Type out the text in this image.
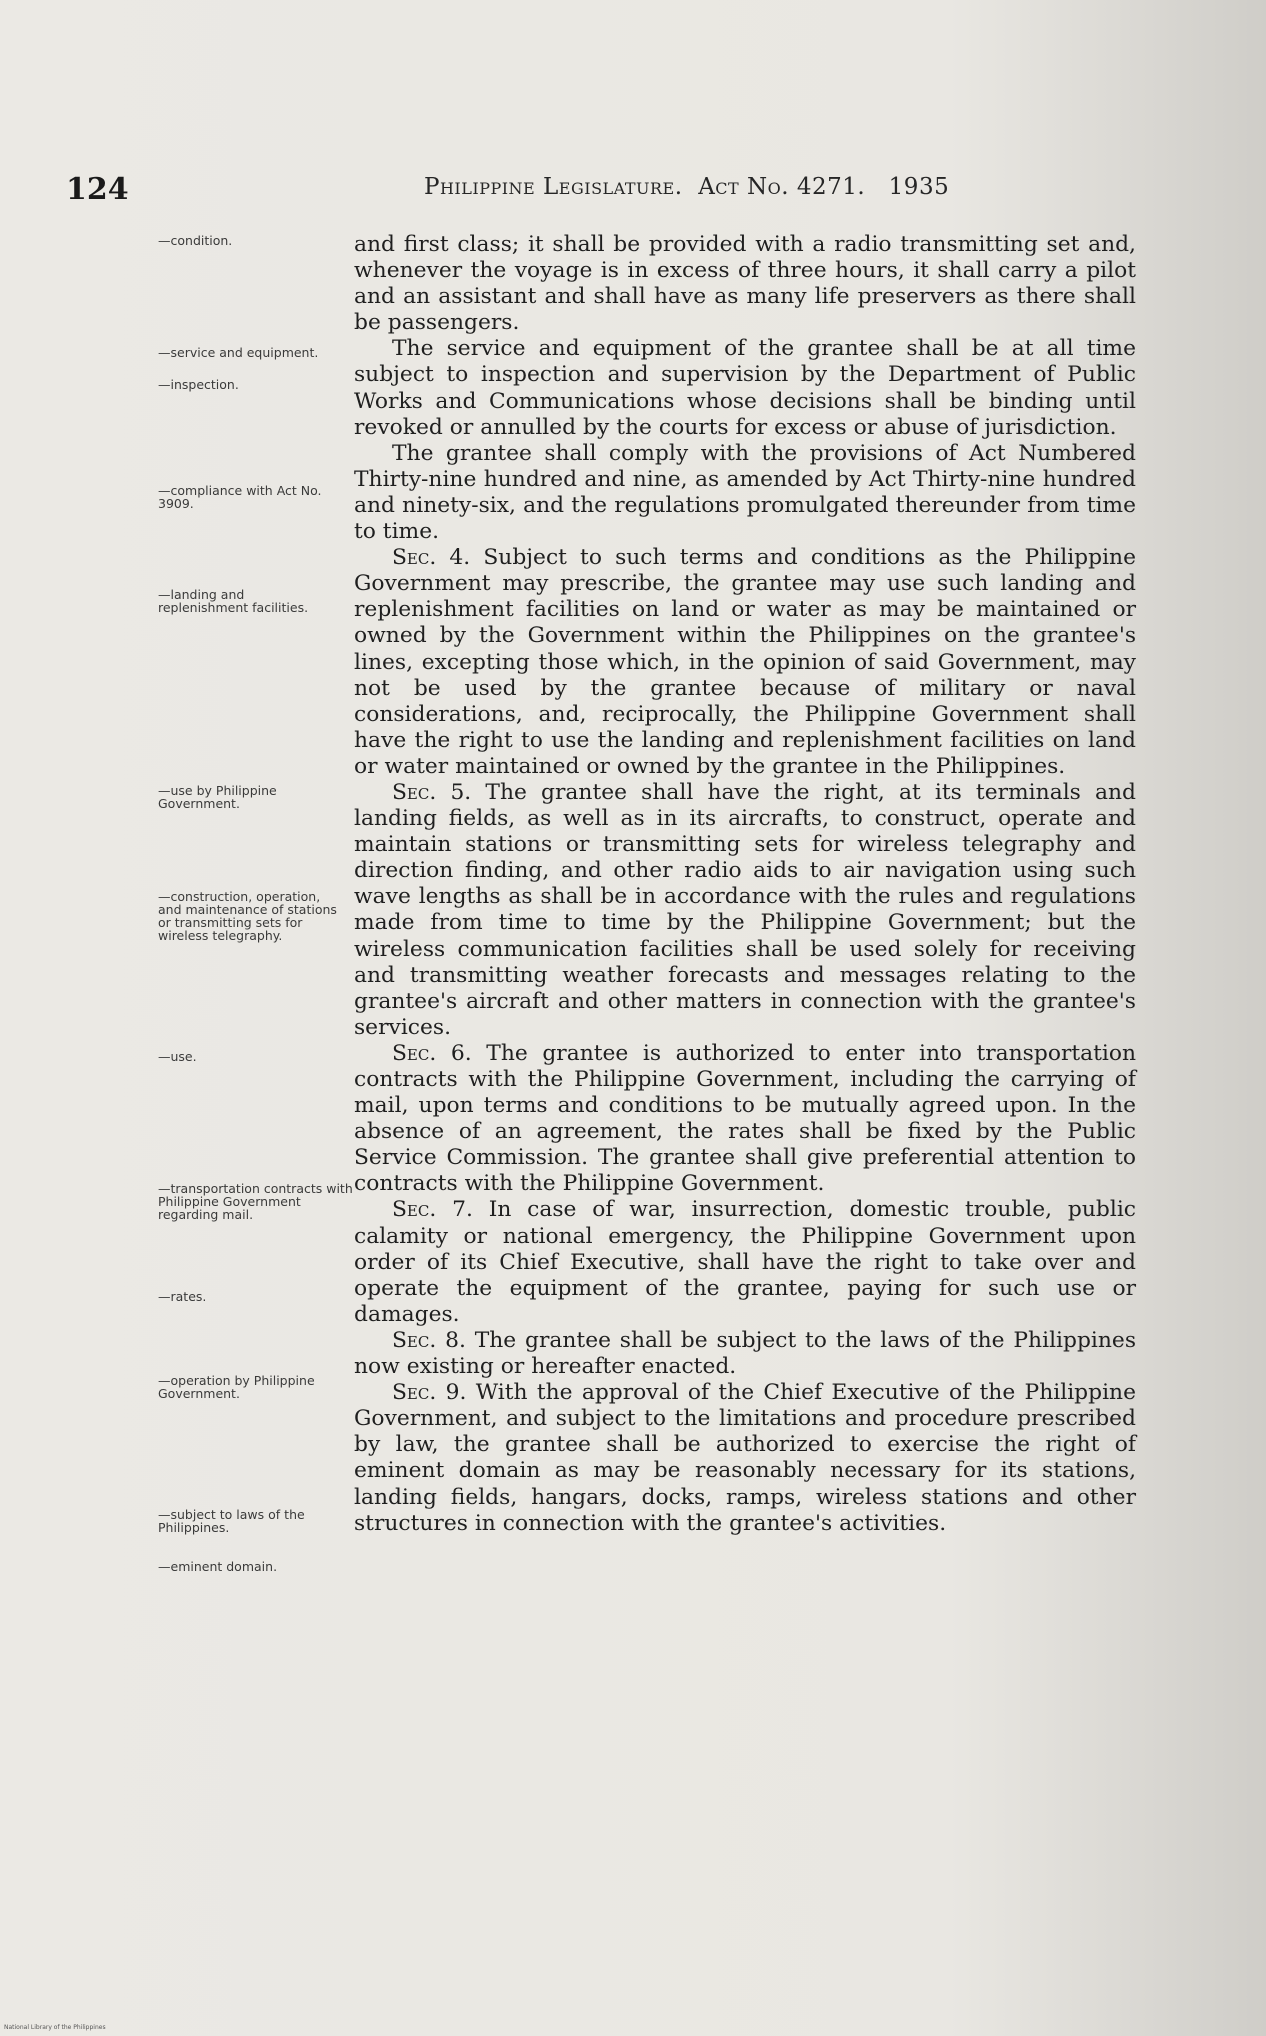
124	Philippine Legislature. Act No. 4271. 1935
—condition.
—service and equipment.
—inspection.
—compliance with Act No. 3909.
—landing and replenishment facilities.
—use by Philippine Government.
—construction, operation, and maintenance of stations or transmitting sets for wireless telegraphy.
—use.
—transportation contracts with Philippine Government regarding mail.
—rates.
—operation by Philippine Government.
—subject to laws of the Philippines.
—eminent domain.

and first class; it shall be provided with a radio transmitting set and, whenever the voyage is in excess of three hours, it shall carry a pilot and an assistant and shall have as many life preservers as there shall be passengers.

The service and equipment of the grantee shall be at all time subject to inspection and supervision by the Department of Public Works and Communications whose decisions shall be binding until revoked or annulled by the courts for excess or abuse of jurisdiction.

The grantee shall comply with the provisions of Act Numbered Thirty-nine hundred and nine, as amended by Act Thirty-nine hundred and ninety-six, and the regulations promulgated thereunder from time to time.

Sec. 4. Subject to such terms and conditions as the Philippine Government may prescribe, the grantee may use such landing and replenishment facilities on land or water as may be maintained or owned by the Government within the Philippines on the grantee's lines, excepting those which, in the opinion of said Government, may not be used by the grantee because of military or naval considerations, and, reciprocally, the Philippine Government shall have the right to use the landing and replenishment facilities on land or water maintained or owned by the grantee in the Philippines.

Sec. 5. The grantee shall have the right, at its terminals and landing fields, as well as in its aircrafts, to construct, operate and maintain stations or transmitting sets for wireless telegraphy and direction finding, and other radio aids to air navigation using such wave lengths as shall be in accordance with the rules and regulations made from time to time by the Philippine Government; but the wireless communication facilities shall be used solely for receiving and transmitting weather forecasts and messages relating to the grantee's aircraft and other matters in connection with the grantee's services.

Sec. 6. The grantee is authorized to enter into transportation contracts with the Philippine Government, including the carrying of mail, upon terms and conditions to be mutually agreed upon. In the absence of an agreement, the rates shall be fixed by the Public Service Commission. The grantee shall give preferential attention to contracts with the Philippine Government.

Sec. 7. In case of war, insurrection, domestic trouble, public calamity or national emergency, the Philippine Government upon order of its Chief Executive, shall have the right to take over and operate the equipment of the grantee, paying for such use or damages.

Sec. 8. The grantee shall be subject to the laws of the Philippines now existing or hereafter enacted.

Sec. 9. With the approval of the Chief Executive of the Philippine Government, and subject to the limitations and procedure prescribed by law, the grantee shall be authorized to exercise the right of eminent domain as may be reasonably necessary for its stations, landing fields, hangars, docks, ramps, wireless stations and other structures in connection with the grantee's activities.

National Library of the Philippines
